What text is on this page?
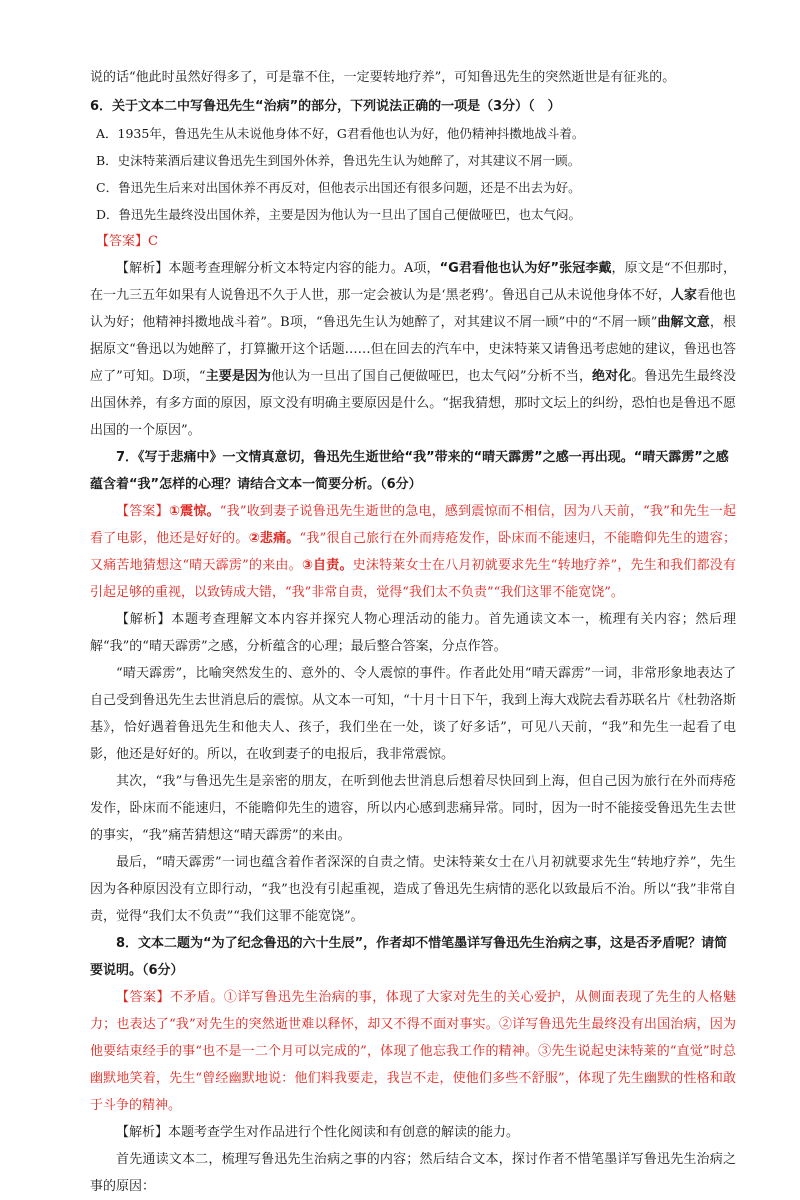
说的话“他此时虽然好得多了，可是靠不住，一定要转地疗养”，可知鲁迅先生的突然逝世是有征兆的。

6．关于文本二中写鲁迅先生“治病”的部分，下列说法正确的一项是（3分）（　）

A．1935年，鲁迅先生从未说他身体不好，G君看他也认为好，他仍精神抖擞地战斗着。

B．史沫特莱酒后建议鲁迅先生到国外休养，鲁迅先生认为她醉了，对其建议不屑一顾。

C．鲁迅先生后来对出国休养不再反对，但他表示出国还有很多问题，还是不出去为好。

D．鲁迅先生最终没出国休养，主要是因为他认为一旦出了国自己便做哑巴，也太气闷。

【答案】C

【解析】本题考查理解分析文本特定内容的能力。A项，“G君看他也认为好”张冠李戴，原文是“不但那时，在一九三五年如果有人说鲁迅不久于人世，那一定会被认为是‘黑老鸦’。鲁迅自己从未说他身体不好，人家看他也认为好；他精神抖擞地战斗着”。B项，“鲁迅先生认为她醉了，对其建议不屑一顾”中的“不屑一顾”曲解文意，根据原文“鲁迅以为她醉了，打算撇开这个话题……但在回去的汽车中，史沫特莱又请鲁迅考虑她的建议，鲁迅也答应了”可知。D项，“主要是因为他认为一旦出了国自己便做哑巴，也太气闷”分析不当，绝对化。鲁迅先生最终没出国休养，有多方面的原因，原文没有明确主要原因是什么。“据我猜想，那时文坛上的纠纷，恐怕也是鲁迅不愿出国的一个原因”。

7．《写于悲痛中》一文情真意切，鲁迅先生逝世给“我”带来的“晴天霹雳”之感一再出现。“晴天霹雳”之感蕴含着“我”怎样的心理？请结合文本一简要分析。（6分）

【答案】①震惊。“我”收到妻子说鲁迅先生逝世的急电，感到震惊而不相信，因为八天前，“我”和先生一起看了电影，他还是好好的。②悲痛。“我”很自己旅行在外而痔疮发作，卧床而不能速归，不能瞻仰先生的遗容；又痛苦地猜想这“晴天霹雳”的来由。③自责。史沫特莱女士在八月初就要求先生“转地疗养”，先生和我们都没有引起足够的重视，以致铸成大错，“我”非常自责，觉得“我们太不负责”“我们这罪不能宽饶”。

【解析】本题考查理解文本内容并探究人物心理活动的能力。首先通读文本一，梳理有关内容；然后理解“我”的“晴天霹雳”之感，分析蕴含的心理；最后整合答案，分点作答。

“晴天霹雳”，比喻突然发生的、意外的、令人震惊的事件。作者此处用“晴天霹雳”一词，非常形象地表达了自己受到鲁迅先生去世消息后的震惊。从文本一可知，“十月十日下午，我到上海大戏院去看苏联名片《杜勃洛斯基》，恰好遇着鲁迅先生和他夫人、孩子，我们坐在一处，谈了好多话”，可见八天前，“我”和先生一起看了电影，他还是好好的。所以，在收到妻子的电报后，我非常震惊。

其次，“我”与鲁迅先生是亲密的朋友，在听到他去世消息后想着尽快回到上海，但自己因为旅行在外而痔疮发作，卧床而不能速归，不能瞻仰先生的遗容，所以内心感到悲痛异常。同时，因为一时不能接受鲁迅先生去世的事实，“我”痛苦猜想这“晴天霹雳”的来由。

最后，“晴天霹雳”一词也蕴含着作者深深的自责之情。史沫特莱女士在八月初就要求先生“转地疗养”，先生因为各种原因没有立即行动，“我”也没有引起重视，造成了鲁迅先生病情的恶化以致最后不治。所以“我”非常自责，觉得“我们太不负责”“我们这罪不能宽饶”。

8．文本二题为“为了纪念鲁迅的六十生辰”，作者却不惜笔墨详写鲁迅先生治病之事，这是否矛盾呢？请简要说明。（6分）

【答案】不矛盾。①详写鲁迅先生治病的事，体现了大家对先生的关心爱护，从侧面表现了先生的人格魅力；也表达了“我”对先生的突然逝世难以释怀，却又不得不面对事实。②详写鲁迅先生最终没有出国治病，因为他要结束经手的事“也不是一二个月可以完成的”，体现了他忘我工作的精神。③先生说起史沫特莱的“直觉”时总幽默地笑着，先生“曾经幽默地说：他们料我要走，我岂不走，使他们多些不舒服”，体现了先生幽默的性格和敢于斗争的精神。

【解析】本题考查学生对作品进行个性化阅读和有创意的解读的能力。

首先通读文本二，梳理写鲁迅先生治病之事的内容；然后结合文本，探讨作者不惜笔墨详写鲁迅先生治病之事的原因：
